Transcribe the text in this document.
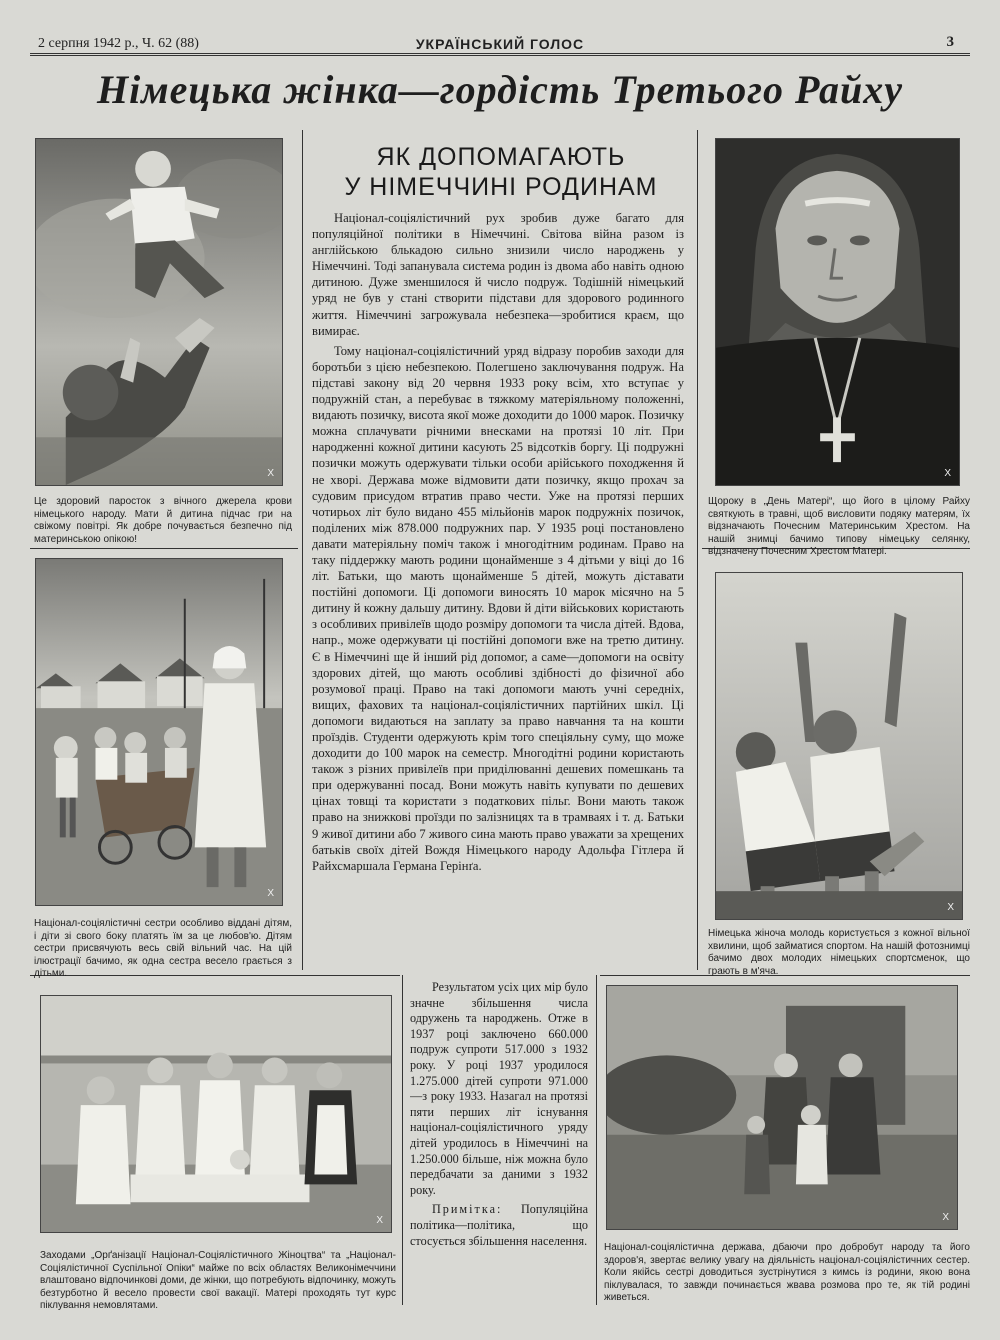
2 серпня 1942 р., Ч. 62 (88)	УКРАЇНСЬКИЙ ГОЛОС	3
Німецька жінка—гордість Третього Райху
X
Це здоровий паросток з вічного джерела крови німецького народу. Мати й дитина підчас гри на свіжому повітрі. Як добре почувається безпечно під материнською опікою!
X
Націонал-соціялістичні сестри особливо віддані дітям, і діти зі свого боку платять їм за це любов'ю. Дітям сестри присвячують весь свій вільний час. На цій ілюстрації бачимо, як одна сестра весело грається з дітьми.
X
Щороку в „День Матері“, що його в цілому Райху святкують в травні, щоб висловити подяку матерям, їх відзначають Почесним Материнським Хрестом. На нашій знимці бачимо типову німецьку селянку, відзначену Почесним Хрестом Матері.
X
Німецька жіноча молодь користується з кожної вільної хвилини, щоб займатися спортом. На нашій фотознимці бачимо двох молодих німецьких спортсменок, що грають в м'яча.
X
Заходами „Орґанізації Націонал-Соціялістичного Жіноцтва“ та „Націонал-Соціялістичної Суспільної Опіки“ майже по всіх областях Великонімеччини влаштовано відпочинкові доми, де жінки, що потребують відпочинку, можуть безтурботно й весело провести свої вакації. Матері проходять тут курс піклування немовлятами.
X
Націонал-соціялістична держава, дбаючи про добробут народу та його здоров'я, звертає велику увагу на діяльність націонал-соціялістичних сестер. Коли якійсь сестрі доводиться зустрінутися з кимсь із родини, якою вона піклувалася, то завжди починається жвава розмова про те, як тій родині живеться.
ЯК ДОПОМАГАЮТЬ
У НІМЕЧЧИНІ РОДИНАМ

Націонал-соціялістичний рух зробив дуже багато для популяційної політики в Німеччині. Світова війна разом із англійською блькадою сильно знизили число народжень у Німеччині. Тоді запанувала система родин із двома або навіть одною дитиною. Дуже зменшилося й число подруж. Тодішній німецький уряд не був у стані створити підстави для здорового родинного життя. Німеччині загрожувала небезпека—зробитися краєм, що вимирає.

Тому націонал-соціялістичний уряд відразу поробив заходи для боротьби з цією небезпекою. Полегшено заключування подруж. На підставі закону від 20 червня 1933 року всім, хто вступає у подружній стан, а перебуває в тяжкому матеріяльному положенні, видають позичку, висота якої може доходити до 1000 марок. Позичку можна сплачувати річними внесками на протязі 10 літ. При народженні кожної дитини касують 25 відсотків боргу. Ці подружні позички можуть одержувати тільки особи арійського походження й не хворі. Держава може відмовити дати позичку, якщо прохач за судовим присудом втратив право чести. Уже на протязі перших чотирьох літ було видано 455 мільйонів марок подружніх позичок, поділених між 878.000 подружних пар. У 1935 році постановлено давати матеріяльну поміч також і многодітним родинам. Право на таку піддержку мають родини щонайменше з 4 дітьми у віці до 16 літ. Батьки, що мають щонайменше 5 дітей, можуть діставати постійні допомоги. Ці допомоги виносять 10 марок місячно на 5 дитину й кожну дальшу дитину. Вдови й діти військових користають з особливих привілеїв щодо розміру допомоги та числа дітей. Вдова, напр., може одержувати ці постійні допомоги вже на третю дитину. Є в Німеччині ще й інший рід допомог, а саме—допомоги на освіту здорових дітей, що мають особливі здібності до фізичної або розумової праці. Право на такі допомоги мають учні середніх, вищих, фахових та націонал-соціялістичних партійних шкіл. Ці допомоги видаються на заплату за право навчання та на кошти проїздів. Студенти одержують крім того спеціяльну суму, що може доходити до 100 марок на семестр. Многодітні родини користають також з різних привілеїв при приділюванні дешевих помешкань та при одержуванні посад. Вони можуть навіть купувати по дешевих цінах товщі та користати з податкових пільг. Вони мають також право на знижкові проїзди по залізницях та в трамваях і т. д. Батьки 9 живої дитини або 7 живого сина мають право уважати за хрещених батьків своїх дітей Вождя Німецького народу Адольфа Гітлера й Райхсмаршала Германа Герінґа.

Результатом усіх цих мір було значне збільшення числа одружень та народжень. Отже в 1937 році заключено 660.000 подруж супроти 517.000 з 1932 року. У році 1937 уродилося 1.275.000 дітей супроти 971.000—з року 1933. Назагал на протязі пяти перших літ існування націонал-соціялістичного уряду дітей уродилось в Німеччині на 1.250.000 більше, ніж можна було передбачати за даними з 1932 року.

Примітка: Популяційна політика—політика, що стосується збільшення населення.
